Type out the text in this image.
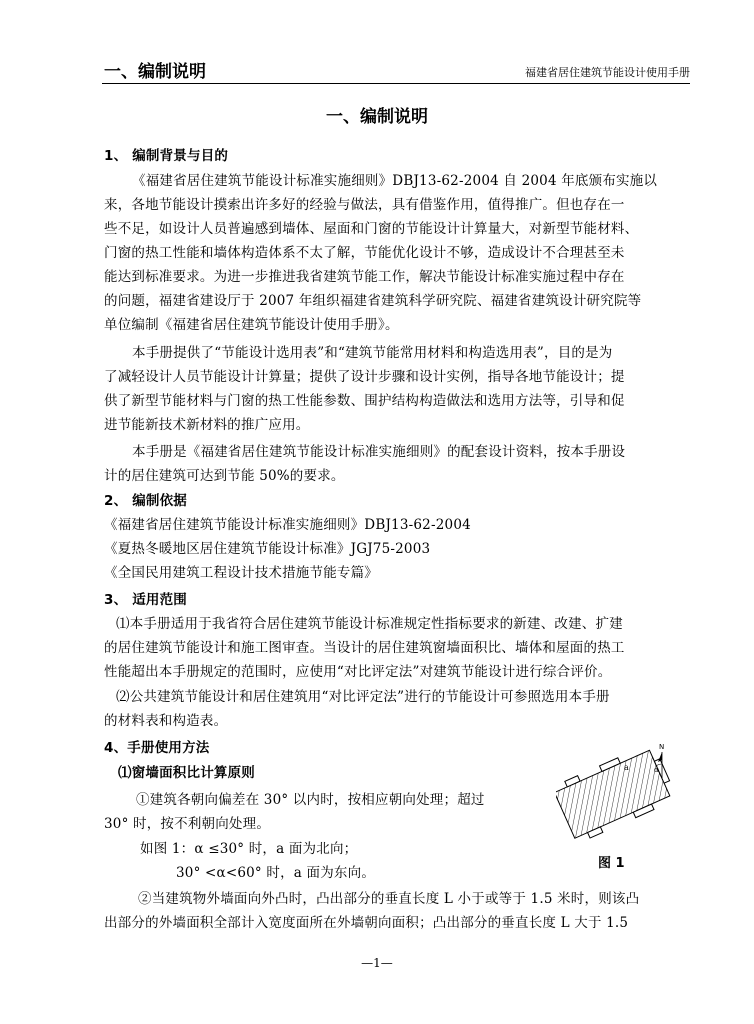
一、编制说明	福建省居住建筑节能设计使用手册
一、编制说明
1、 编制背景与目的
《福建省居住建筑节能设计标准实施细则》DBJ13-62-2004 自 2004 年底颁布实施以
来，各地节能设计摸索出许多好的经验与做法，具有借鉴作用，值得推广。但也存在一
些不足，如设计人员普遍感到墙体、屋面和门窗的节能设计计算量大，对新型节能材料、
门窗的热工性能和墙体构造体系不太了解，节能优化设计不够，造成设计不合理甚至未
能达到标准要求。为进一步推进我省建筑节能工作，解决节能设计标准实施过程中存在
的问题，福建省建设厅于 2007 年组织福建省建筑科学研究院、福建省建筑设计研究院等
单位编制《福建省居住建筑节能设计使用手册》。
本手册提供了“节能设计选用表”和“建筑节能常用材料和构造选用表”，目的是为
了减轻设计人员节能设计计算量；提供了设计步骤和设计实例，指导各地节能设计；提
供了新型节能材料与门窗的热工性能参数、围护结构构造做法和选用方法等，引导和促
进节能新技术新材料的推广应用。
本手册是《福建省居住建筑节能设计标准实施细则》的配套设计资料，按本手册设
计的居住建筑可达到节能 50%的要求。
2、 编制依据
《福建省居住建筑节能设计标准实施细则》DBJ13-62-2004
《夏热冬暖地区居住建筑节能设计标准》JGJ75-2003
《全国民用建筑工程设计技术措施节能专篇》
3、 适用范围
⑴本手册适用于我省符合居住建筑节能设计标准规定性指标要求的新建、改建、扩建
的居住建筑节能设计和施工图审查。当设计的居住建筑窗墙面积比、墙体和屋面的热工
性能超出本手册规定的范围时，应使用“对比评定法”对建筑节能设计进行综合评价。
⑵公共建筑节能设计和居住建筑用“对比评定法”进行的节能设计可参照选用本手册
的材料表和构造表。
4、手册使用方法
⑴窗墙面积比计算原则
①建筑各朝向偏差在 30° 以内时，按相应朝向处理；超过
30° 时，按不利朝向处理。
如图 1：α ≤30° 时，a 面为北向；
30° <α<60° 时，a 面为东向。
②当建筑物外墙面向外凸时，凸出部分的垂直长度 L 小于或等于 1.5 米时，则该凸
出部分的外墙面积全部计入宽度面所在外墙朝向面积；凸出部分的垂直长度 L 大于 1.5
N
α
a
图 1
—1—
